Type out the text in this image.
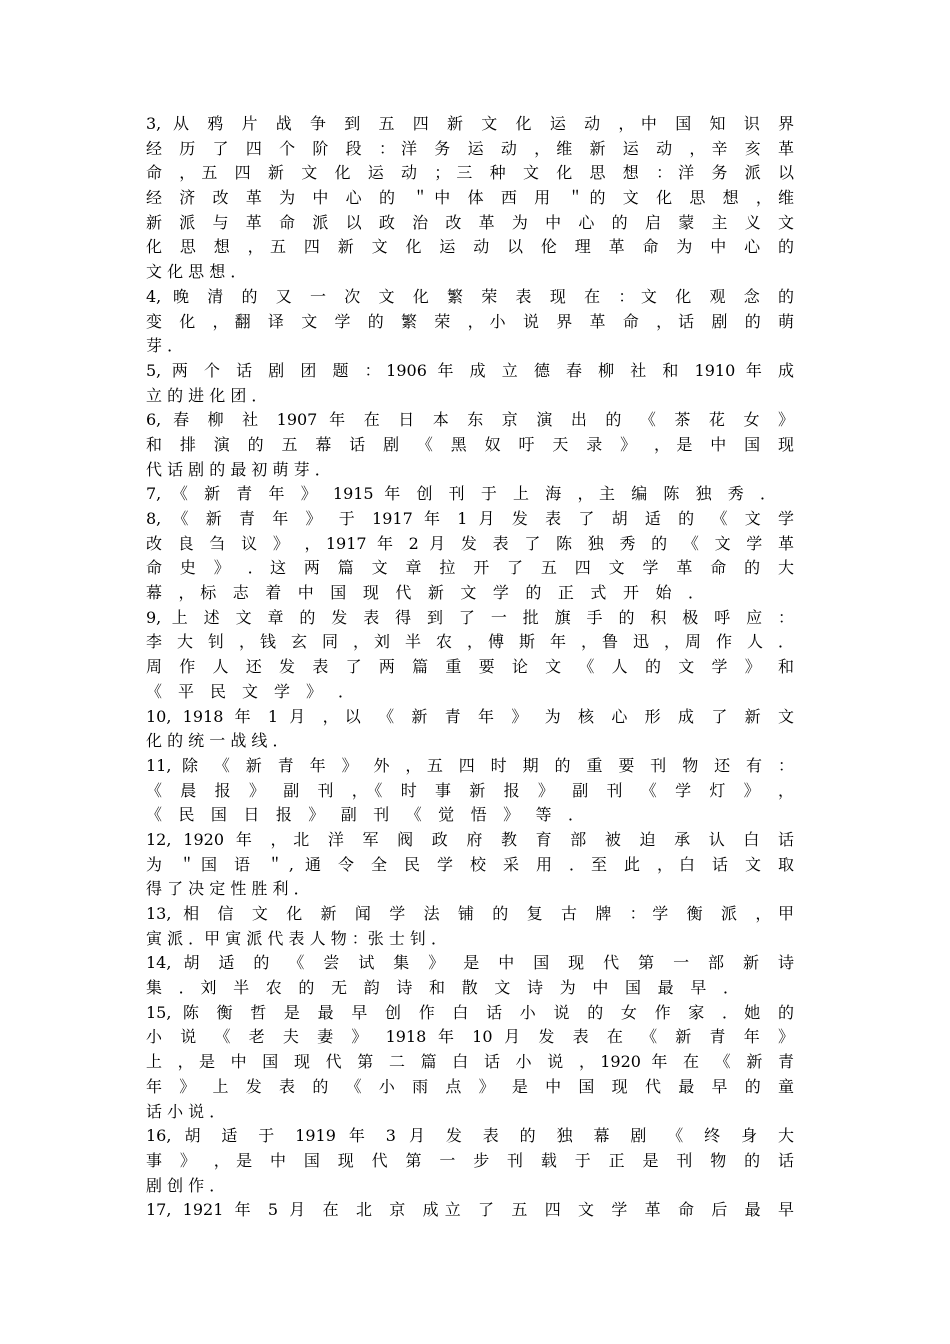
3, 从 鸦 片 战 争 到 五 四 新 文 化 运 动 ，中 国 知 识 界
经 历 了 四 个 阶 段 ：洋 务 运 动 ，维 新 运 动 ，辛 亥 革
命 ，五 四 新 文 化 运 动 ；三 种 文 化 思 想 ：洋 务 派 以
经 济 改 革 为 中 心 的 ＂中 体 西 用 ＂的 文 化 思 想 ，维
新 派 与 革 命 派 以 政 治 改 革 为 中 心 的 启 蒙 主 义 文
化 思 想 ，五 四 新 文 化 运 动 以 伦 理 革 命 为 中 心 的
文 化 思 想 ．
4, 晚 清 的 又 一 次 文 化 繁 荣 表 现 在 ：文 化 观 念 的
变 化 ，翻 译 文 学 的 繁 荣 ，小 说 界 革 命 ，话 剧 的 萌
芽 ．
5, 两 个 话 剧 团 题 ：1906 年 成 立 德 春 柳 社 和 1910 年 成
立 的 进 化 团 ．
6, 春 柳 社 1907 年 在 日 本 东 京 演 出 的 《 茶 花 女 》
和 排 演 的 五 幕 话 剧 《 黑 奴 吁 天 录 》 ，是 中 国 现
代 话 剧 的 最 初 萌 芽 ．
7, 《 新 青 年 》 1915 年 创 刊 于 上 海 ，主 编 陈 独 秀 ．
8, 《 新 青 年 》 于 1917 年 1 月 发 表 了 胡 适 的 《 文 学
改 良 刍 议 》 ，1917 年 2 月 发 表 了 陈 独 秀 的 《 文 学 革
命 史 》 ．这 两 篇 文 章 拉 开 了 五 四 文 学 革 命 的 大
幕 ，标 志 着 中 国 现 代 新 文 学 的 正 式 开 始 ．
9, 上 述 文 章 的 发 表 得 到 了 一 批 旗 手 的 积 极 呼 应 ：
李 大 钊 ，钱 玄 同 ，刘 半 农 ，傅 斯 年 ，鲁 迅 ，周 作 人 ．
周 作 人 还 发 表 了 两 篇 重 要 论 文 《 人 的 文 学 》 和
《 平 民 文 学 》 ．
10, 1918 年 1 月 ，以 《 新 青 年 》 为 核 心 形 成 了 新 文
化 的 统 一 战 线 ．
11, 除 《 新 青 年 》 外 ，五 四 时 期 的 重 要 刊 物 还 有 ：
《 晨 报 》 副 刊 ，《 时 事 新 报 》 副 刊 《 学 灯 》 ，
《 民 国 日 报 》 副 刊 《 觉 悟 》 等 ．
12, 1920 年 ，北 洋 军 阀 政 府 教 育 部 被 迫 承 认 白 话
为 ＂国 语 ＂, 通 令 全 民 学 校 采 用 ．至 此 ，白 话 文 取
得 了 决 定 性 胜 利 ．
13, 相 信 文 化 新 闻 学 法 铺 的 复 古 牌 ：学 衡 派 ，甲
寅 派 ．甲 寅 派 代 表 人 物 ：张 士 钊 ．
14, 胡 适 的 《 尝 试 集 》 是 中 国 现 代 第 一 部 新 诗
集 ．刘 半 农 的 无 韵 诗 和 散 文 诗 为 中 国 最 早 ．
15, 陈 衡 哲 是 最 早 创 作 白 话 小 说 的 女 作 家 ．她 的
小 说 《 老 夫 妻 》 1918 年 10 月 发 表 在 《 新 青 年 》
上 ，是 中 国 现 代 第 二 篇 白 话 小 说 ，1920 年 在 《 新 青
年 》 上 发 表 的 《 小 雨 点 》 是 中 国 现 代 最 早 的 童
话 小 说 ．
16, 胡 适 于 1919 年 3 月 发 表 的 独 幕 剧 《 终 身 大
事 》 ，是 中 国 现 代 第 一 步 刊 载 于 正 是 刊 物 的 话
剧 创 作 ．
17, 1921 年 5 月 在 北 京 成立 了 五 四 文 学 革 命 后 最 早
